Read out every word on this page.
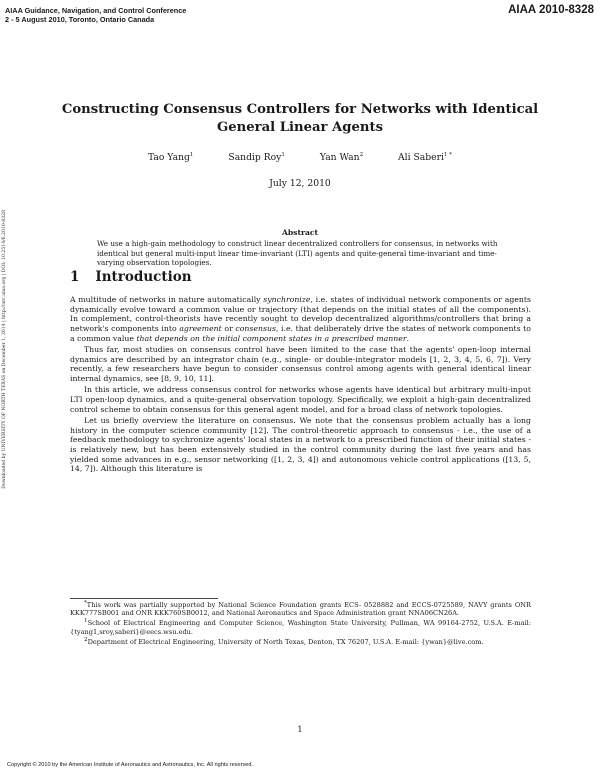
AIAA Guidance, Navigation, and Control Conference
2 - 5 August 2010, Toronto, Ontario Canada
AIAA 2010-8328
Downloaded by UNIVERSITY OF NORTH TEXAS on December 1, 2014 | http://arc.aiaa.org | DOI: 10.2514/6.2010-8328
Constructing Consensus Controllers for Networks with Identical
General Linear Agents
Tao Yang$^1$	Sandip Roy$^1$	Yan Wan$^2$	Ali Saberi$^{1 *}$
July 12, 2010
Abstract
We use a high-gain methodology to construct linear decentralized controllers for consensus, in networks with identical but general multi-input linear time-invariant (LTI) agents and quite-general time-invariant and time-varying observation topologies.
1 Introduction

A multitude of networks in nature automatically synchronize, i.e. states of individual network components or agents dynamically evolve toward a common value or trajectory (that depends on the initial states of all the components). In complement, control-theorists have recently sought to develop decentralized algorithms/controllers that bring a network's components into agreement or consensus, i.e. that deliberately drive the states of network components to a common value that depends on the initial component states in a prescribed manner.

Thus far, most studies on consensus control have been limited to the case that the agents' open-loop internal dynamics are described by an integrator chain (e.g., single- or double-integrator models [1, 2, 3, 4, 5, 6, 7]). Very recently, a few researchers have begun to consider consensus control among agents with general identical linear internal dynamics, see [8, 9, 10, 11].

In this article, we address consensus control for networks whose agents have identical but arbitrary multi-input LTI open-loop dynamics, and a quite-general observation topology. Specifically, we exploit a high-gain decentralized control scheme to obtain consensus for this general agent model, and for a broad class of network topologies.

Let us briefly overview the literature on consensus. We note that the consensus problem actually has a long history in the computer science community [12]. The control-theoretic approach to consensus - i.e., the use of a feedback methodology to sychronize agents' local states in a network to a prescribed function of their initial states - is relatively new, but has been extensively studied in the control community during the last five years and has yielded some advances in e.g., sensor networking ([1, 2, 3, 4]) and autonomous vehicle control applications ([13, 5, 14, 7]). Although this literature is

*This work was partially supported by National Science Foundation grants ECS- 0528882 and ECCS-0725589, NAVY grants ONR KKK777SB001 and ONR KKK760SB0012, and National Aeronautics and Space Administration grant NNA06CN26A.

$^1$School of Electrical Engineering and Computer Science, Washington State University, Pullman, WA 99164-2752, U.S.A. E-mail: {tyang1,sroy,saberi}@eecs.wsu.edu.

$^2$Department of Electrical Engineering, University of North Texas, Denton, TX 76207, U.S.A. E-mail: {ywan}@live.com.

1
Copyright © 2010 by the American Institute of Aeronautics and Astronautics, Inc. All rights reserved.
